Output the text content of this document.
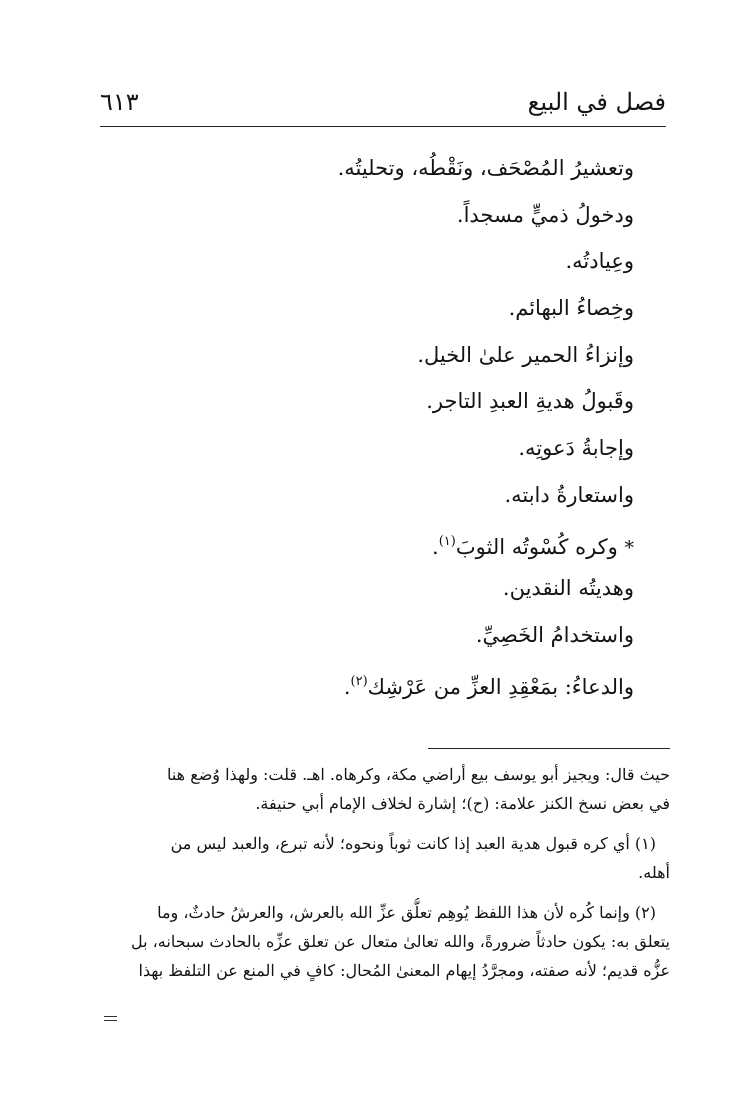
٦١٣	فصل في البيع
وتعشيرُ المُصْحَف، ونَقْطُه، وتحليتُه.
ودخولُ ذميٍّ مسجداً.
وعِيادتُه.
وخِصاءُ البهائم.
وإنزاءُ الحمير علىٰ الخيل.
وقَبولُ هديةِ العبدِ التاجر.
وإجابةُ دَعوتِه.
واستعارةُ دابته.
* وكره كُسْوتُه الثوبَ$^{(١)}$.
وهديتُه النقدين.
واستخدامُ الخَصِيِّ.
والدعاءُ: بمَعْقِدِ العزِّ من عَرْشِك$^{(٢)}$.
حيث قال: ويجيز أبو يوسف بيع أراضي مكة، وكرهاه. اهـ. قلت: ولهذا وُضع هنا
في بعض نسخ الكنز علامة: (ح)؛ إشارة لخلاف الإمام أبي حنيفة.
(١) أي كره قبول هدية العبد إذا كانت ثوباً ونحوه؛ لأنه تبرع، والعبد ليس من
أهله.
(٢) وإنما كُره لأن هذا اللفظ يُوهِم تعلُّق عزِّ الله بالعرش، والعرشُ حادثٌ، وما
يتعلق به: يكون حادثاً ضرورةً، والله تعالىٰ متعال عن تعلق عزِّه بالحادث سبحانه، بل
عزُّه قديم؛ لأنه صفته، ومجرَّدُ إيهام المعنىٰ المُحال: كافٍ في المنع عن التلفظ بهذا
